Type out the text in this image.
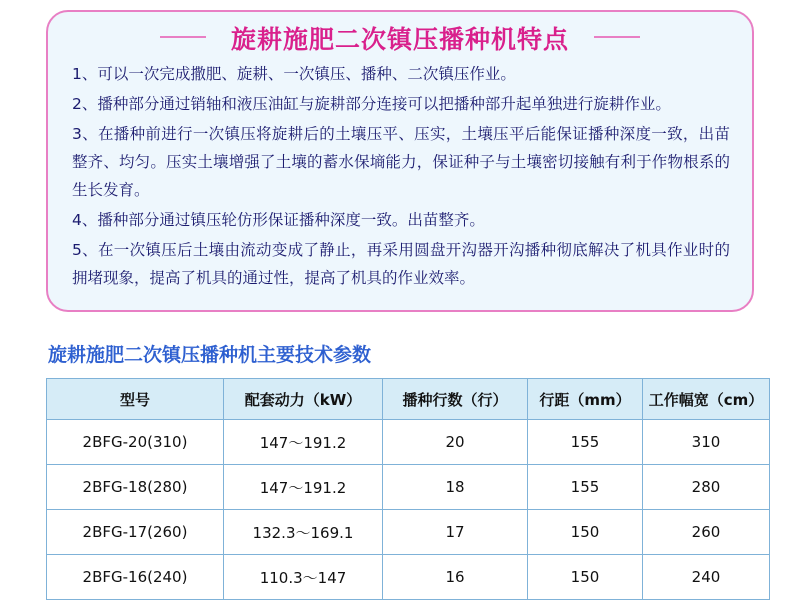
旋耕施肥二次镇压播种机特点

1、可以一次完成撒肥、旋耕、一次镇压、播种、二次镇压作业。

2、播种部分通过销轴和液压油缸与旋耕部分连接可以把播种部升起单独进行旋耕作业。

3、在播种前进行一次镇压将旋耕后的土壤压平、压实，土壤压平后能保证播种深度一致，出苗整齐、均匀。压实土壤增强了土壤的蓄水保墒能力，保证种子与土壤密切接触有利于作物根系的生长发育。

4、播种部分通过镇压轮仿形保证播种深度一致。出苗整齐。

5、在一次镇压后土壤由流动变成了静止，再采用圆盘开沟器开沟播种彻底解决了机具作业时的拥堵现象，提高了机具的通过性，提高了机具的作业效率。

旋耕施肥二次镇压播种机主要技术参数
型号	配套动力（kW）	播种行数（行）	行距（mm）	工作幅宽（cm）
2BFG-20(310)	147～191.2	20	155	310
2BFG-18(280)	147～191.2	18	155	280
2BFG-17(260)	132.3～169.1	17	150	260
2BFG-16(240)	110.3～147	16	150	240
